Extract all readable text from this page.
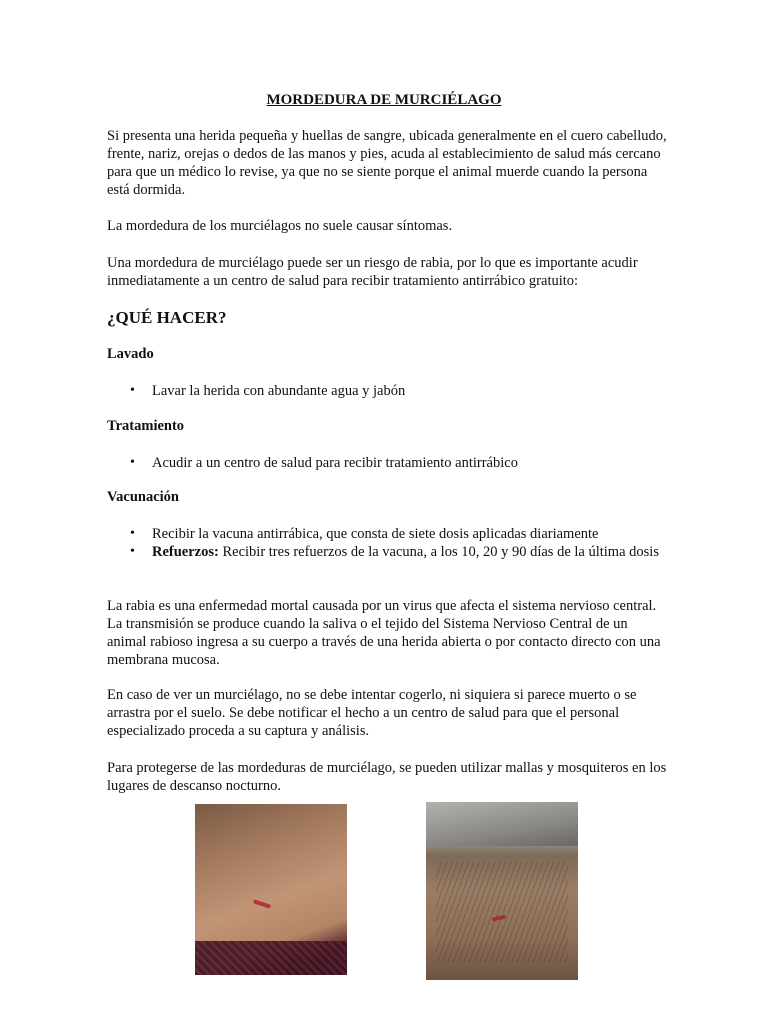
MORDEDURA DE MURCIÉLAGO

Si presenta una herida pequeña y huellas de sangre, ubicada generalmente en el cuero cabelludo, frente, nariz, orejas o dedos de las manos y pies, acuda al establecimiento de salud más cercano para que un médico lo revise, ya que no se siente porque el animal muerde cuando la persona está dormida.

La mordedura de los murciélagos no suele causar síntomas.

Una mordedura de murciélago puede ser un riesgo de rabia, por lo que es importante acudir inmediatamente a un centro de salud para recibir tratamiento antirrábico gratuito:

¿QUÉ HACER?
Lavado
• Lavar la herida con abundante agua y jabón
Tratamiento
• Acudir a un centro de salud para recibir tratamiento antirrábico
Vacunación
• Recibir la vacuna antirrábica, que consta de siete dosis aplicadas diariamente
• Refuerzos: Recibir tres refuerzos de la vacuna, a los 10, 20 y 90 días de la última dosis

La rabia es una enfermedad mortal causada por un virus que afecta el sistema nervioso central. La transmisión se produce cuando la saliva o el tejido del Sistema Nervioso Central de un animal rabioso ingresa a su cuerpo a través de una herida abierta o por contacto directo con una membrana mucosa.

En caso de ver un murciélago, no se debe intentar cogerlo, ni siquiera si parece muerto o se arrastra por el suelo. Se debe notificar el hecho a un centro de salud para que el personal especializado proceda a su captura y análisis.

Para protegerse de las mordeduras de murciélago, se pueden utilizar mallas y mosquiteros en los lugares de descanso nocturno.
